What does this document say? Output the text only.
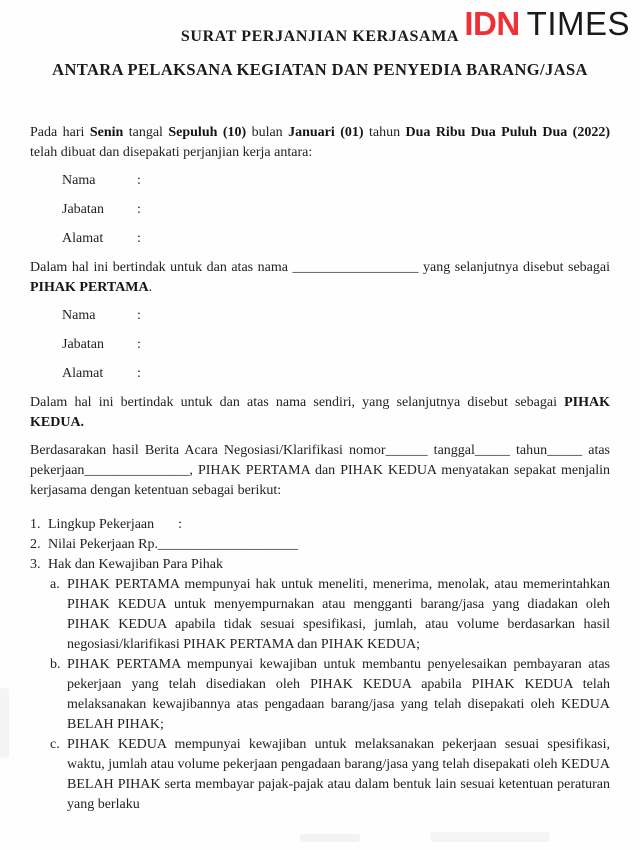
IDN TIMES
SURAT PERJANJIAN KERJASAMA
ANTARA PELAKSANA KEGIATAN DAN PENYEDIA BARANG/JASA

Pada hari Senin tangal Sepuluh (10) bulan Januari (01) tahun Dua Ribu Dua Puluh Dua (2022) telah dibuat dan disepakati perjanjian kerja antara:

Nama	:
Jabatan	:
Alamat	:

Dalam hal ini bertindak untuk dan atas nama __________________ yang selanjutnya disebut sebagai PIHAK PERTAMA.

Nama	:
Jabatan	:
Alamat	:

Dalam hal ini bertindak untuk dan atas nama sendiri, yang selanjutnya disebut sebagai PIHAK KEDUA.

Berdasarakan hasil Berita Acara Negosiasi/Klarifikasi nomor______ tanggal_____ tahun_____ atas pekerjaan_______________, PIHAK PERTAMA dan PIHAK KEDUA menyatakan sepakat menjalin kerjasama dengan ketentuan sebagai berikut:

1. Lingkup Pekerjaan :
2. Nilai Pekerjaan Rp.____________________
3. Hak dan Kewajiban Para Pihak
a. PIHAK PERTAMA mempunyai hak untuk meneliti, menerima, menolak, atau memerintahkan PIHAK KEDUA untuk menyempurnakan atau mengganti barang/jasa yang diadakan oleh PIHAK KEDUA apabila tidak sesuai spesifikasi, jumlah, atau volume berdasarkan hasil negosiasi/klarifikasi PIHAK PERTAMA dan PIHAK KEDUA;
b. PIHAK PERTAMA mempunyai kewajiban untuk membantu penyelesaikan pembayaran atas pekerjaan yang telah disediakan oleh PIHAK KEDUA apabila PIHAK KEDUA telah melaksanakan kewajibannya atas pengadaan barang/jasa yang telah disepakati oleh KEDUA BELAH PIHAK;
c. PIHAK KEDUA mempunyai kewajiban untuk melaksanakan pekerjaan sesuai spesifikasi, waktu, jumlah atau volume pekerjaan pengadaan barang/jasa yang telah disepakati oleh KEDUA BELAH PIHAK serta membayar pajak-pajak atau dalam bentuk lain sesuai ketentuan peraturan yang berlaku
